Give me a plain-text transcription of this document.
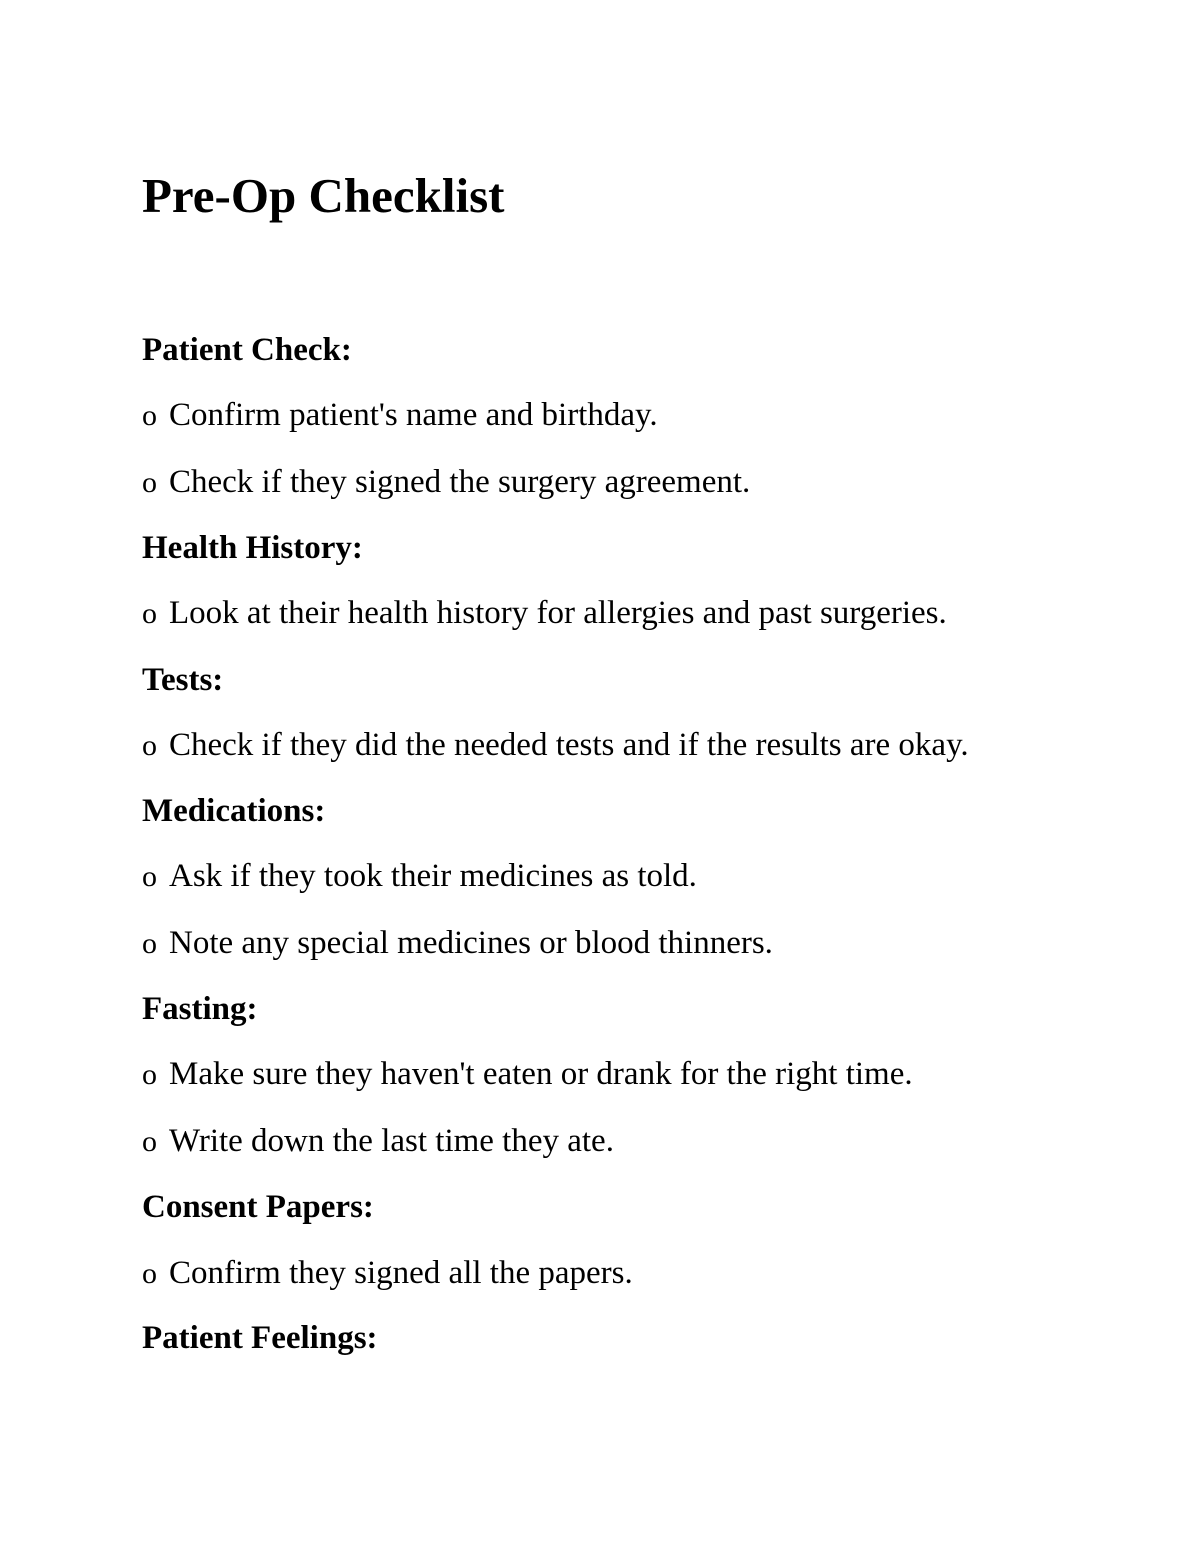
Pre-Op Checklist
Patient Check:
o Confirm patient's name and birthday.
o Check if they signed the surgery agreement.
Health History:
o Look at their health history for allergies and past surgeries.
Tests:
o Check if they did the needed tests and if the results are okay.
Medications:
o Ask if they took their medicines as told.
o Note any special medicines or blood thinners.
Fasting:
o Make sure they haven't eaten or drank for the right time.
o Write down the last time they ate.
Consent Papers:
o Confirm they signed all the papers.
Patient Feelings:
